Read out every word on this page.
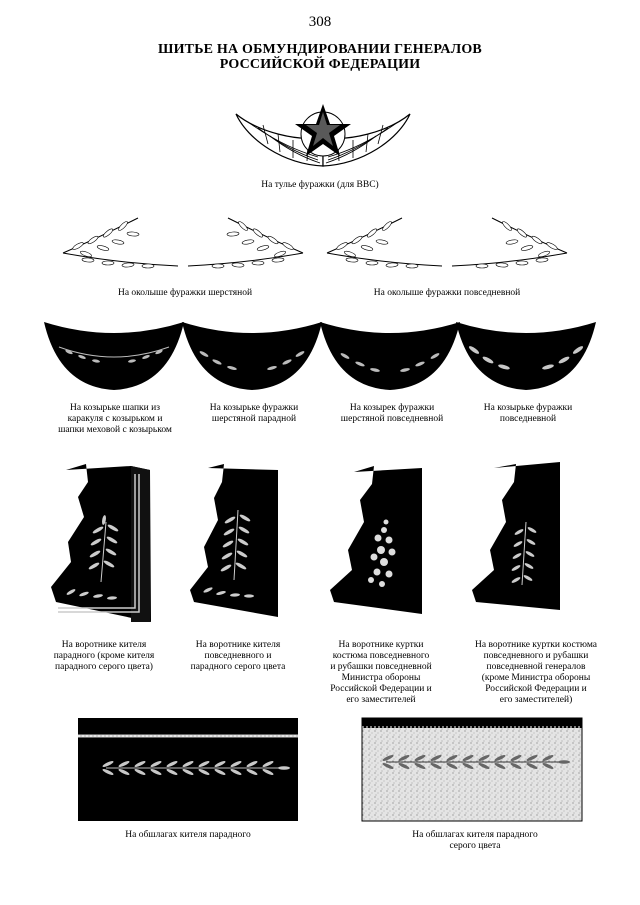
308
ШИТЬЕ НА ОБМУНДИРОВАНИИ ГЕНЕРАЛОВ
РОССИЙСКОЙ ФЕДЕРАЦИИ
На тулье фуражки (для ВВС)
На околыше фуражки шерстяной	На околыше фуражки повседневной
На козырьке шапки из
каракуля с козырьком и
шапки меховой с козырьком
На козырьке фуражки
шерстяной парадной
На козырек фуражки
шерстяной повседневной
На козырьке фуражки
повседневной
На воротнике кителя
парадного (кроме кителя
парадного серого цвета)
На воротнике кителя
повседневного и
парадного серого цвета
На воротнике куртки
костюма повседневного
и рубашки повседневной
Министра обороны
Российской Федерации и
его заместителей
На воротнике куртки костюма
повседневного и рубашки
повседневной генералов
(кроме Министра обороны
Российской Федерации и
его заместителей)
На обшлагах кителя парадного	На обшлагах кителя парадного
серого цвета
